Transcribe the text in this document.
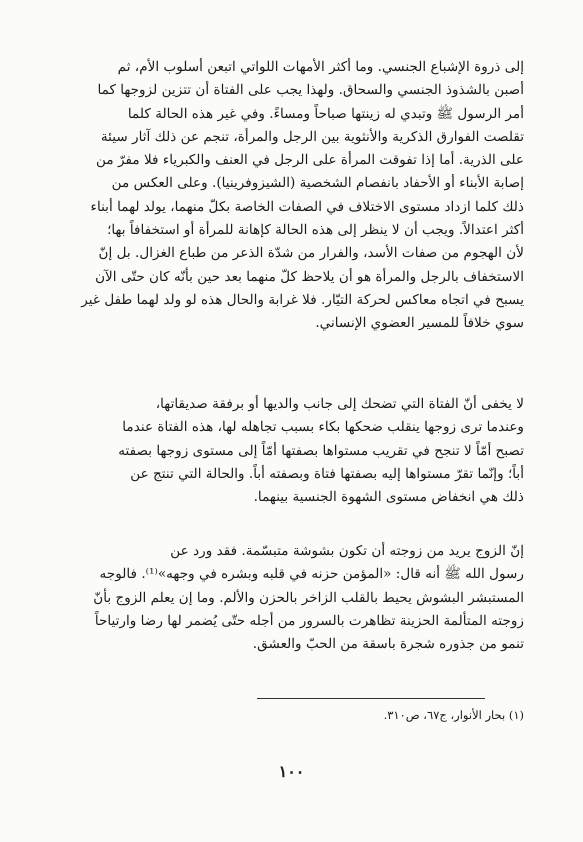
إلى ذروة الإشباع الجنسي. وما أكثر الأمهات اللواتي اتبعن أسلوب الأم، ثم
أصبن بالشذوذ الجنسي والسحاق. ولهذا يجب على الفتاة أن تتزين لزوجها كما
أمر الرسول ﷺ وتبدي له زينتها صباحاً ومساءً. وفي غير هذه الحالة كلما
تقلصت الفوارق الذكرية والأنثوية بين الرجل والمرأة، تنجم عن ذلك آثار سيئة
على الذرية. أما إذا تفوقت المرأة على الرجل في العنف والكبرياء فلا مفرّ من
إصابة الأبناء أو الأحفاد بانفصام الشخصية (الشيزوفرينيا). وعلى العكس من
ذلك كلما ازداد مستوى الاختلاف في الصفات الخاصة بكلّ منهما، يولد لهما أبناء
أكثر اعتدالاً. ويجب أن لا ينظر إلى هذه الحالة كإهانة للمرأة أو استخفافاً بها؛
لأن الهجوم من صفات الأسد، والفرار من شدّة الذعر من طباع الغزال. بل إنّ
الاستخفاف بالرجل والمرأة هو أن يلاحظ كلّ منهما بعد حين بأنّه كان حتّى الآن
يسبح في اتجاه معاكس لحركة التيّار. فلا غرابة والحال هذه لو ولد لهما طفل غير
سوي خلافاً للمسير العضوي الإنساني.
لا يخفى أنّ الفتاة التي تضحك إلى جانب والديها أو برفقة صديقاتها،
وعندما ترى زوجها ينقلب ضحكها بكاء بسبب تجاهله لها، هذه الفتاة عندما
تصبح أمّاً لا تنجح في تقريب مستواها بصفتها أمّاً إلى مستوى زوجها بصفته
أباً؛ وإنّما تقرّ مستواها إليه بصفتها فتاة وبصفته أباً. والحالة التي تنتج عن
ذلك هي انخفاض مستوى الشهوة الجنسية بينهما.
إنّ الزوج يريد من زوجته أن تكون بشوشة متبسّمة. فقد ورد عن
رسول الله ﷺ أنه قال: «المؤمن حزنه في قلبه وبشره في وجهه»⁽¹⁾. فالوجه
المستبشر البشوش يحيط بالقلب الزاخر بالحزن والألم. وما إن يعلم الزوج بأنّ
زوجته المتألمة الحزينة تظاهرت بالسرور من أجله حتّى يُضمر لها رضا وارتياحاً
تنمو من جذوره شجرة باسقة من الحبّ والعشق.
(١) بحار الأنوار، ج٦٧، ص٣١٠.
١٠٠
